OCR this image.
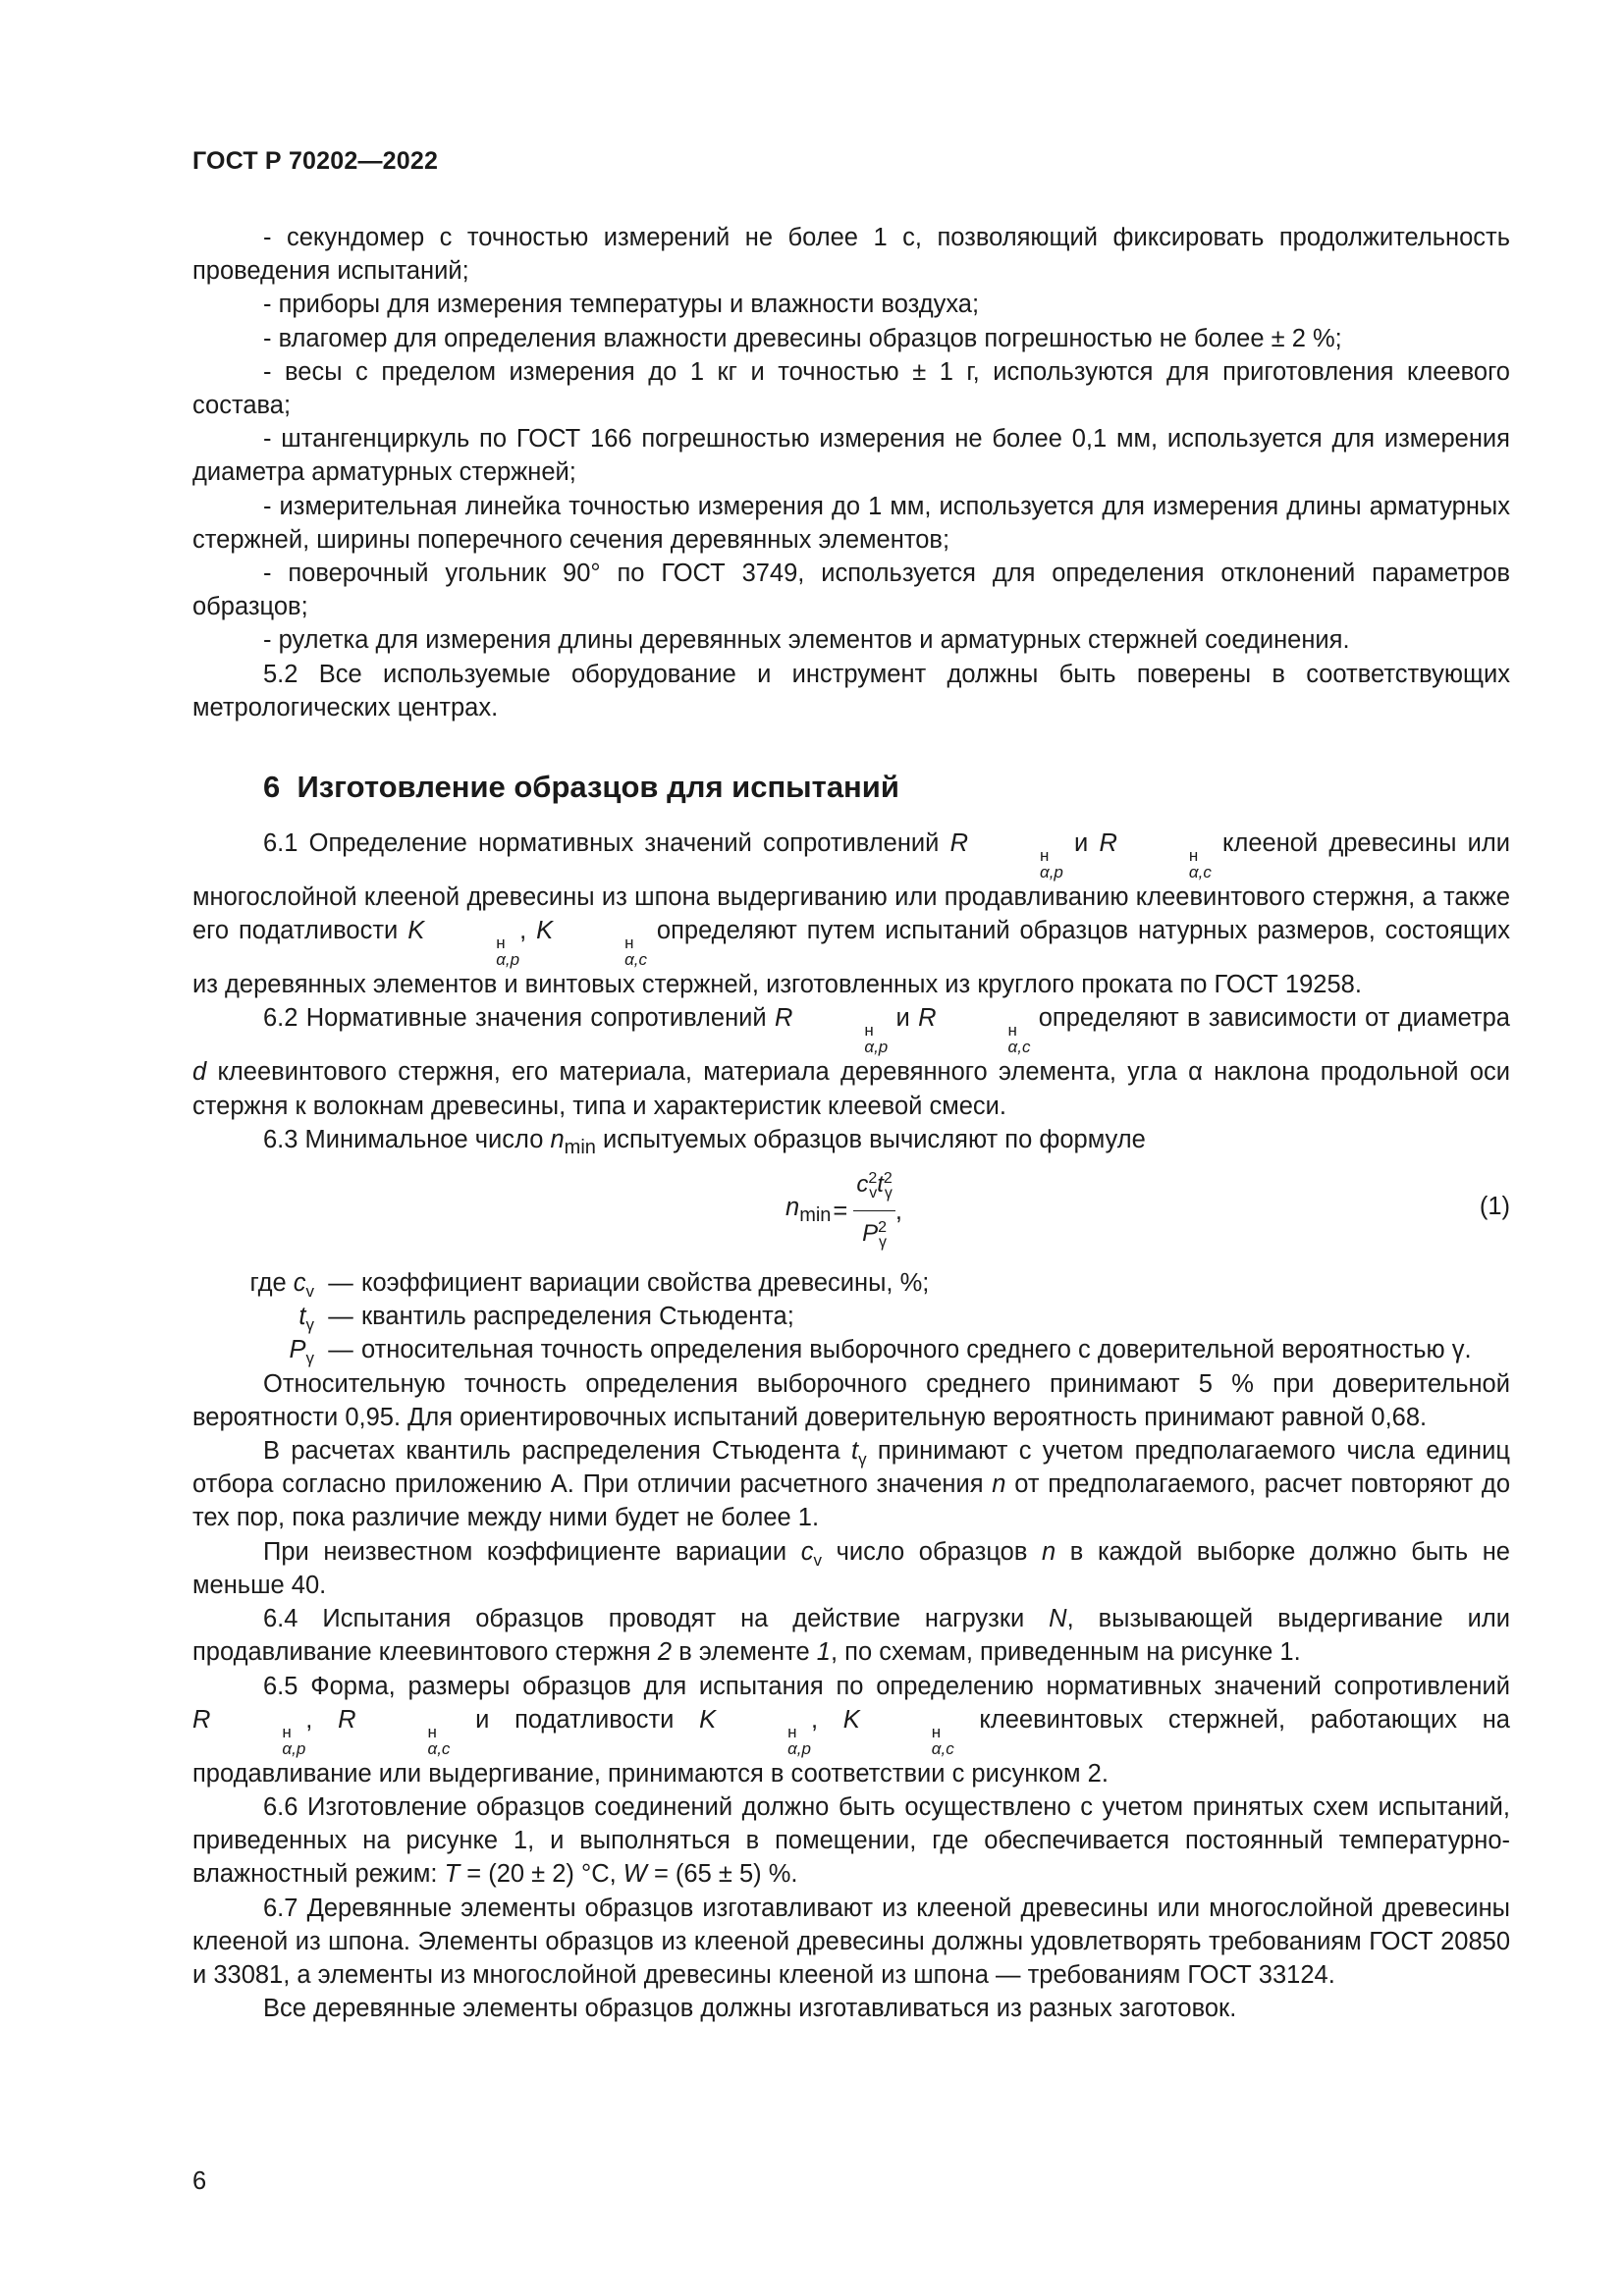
ГОСТ Р 70202—2022

- секундомер с точностью измерений не более 1 с, позволяющий фиксировать продолжительность проведения испытаний;

- приборы для измерения температуры и влажности воздуха;

- влагомер для определения влажности древесины образцов погрешностью не более ± 2 %;

- весы с пределом измерения до 1 кг и точностью ± 1 г, используются для приготовления клеевого состава;

- штангенциркуль по ГОСТ 166 погрешностью измерения не более 0,1 мм, используется для измерения диаметра арматурных стержней;

- измерительная линейка точностью измерения до 1 мм, используется для измерения длины арматурных стержней, ширины поперечного сечения деревянных элементов;

- поверочный угольник 90° по ГОСТ 3749, используется для определения отклонений параметров образцов;

- рулетка для измерения длины деревянных элементов и арматурных стержней соединения.

5.2 Все используемые оборудование и инструмент должны быть поверены в соответствующих метрологических центрах.

6 Изготовление образцов для испытаний

6.1 Определение нормативных значений сопротивлений R	н
α,p
и R	н
α,c
клееной древесины или многослойной клееной древесины из шпона выдергиванию или продавливанию клеевинтового стержня, а также его податливости K	н
α,p
, K	н
α,c
определяют путем испытаний образцов натурных размеров, состоящих из деревянных элементов и винтовых стержней, изготовленных из круглого проката по ГОСТ 19258.

6.2 Нормативные значения сопротивлений R	н
α,p
и R	н
α,c
определяют в зависимости от диаметра d клеевинтового стержня, его материала, материала деревянного элемента, угла α наклона продольной оси стержня к волокнам древесины, типа и характеристик клеевой смеси.

6.3 Минимальное число $n_{min}$ испытуемых образцов вычисляют по формуле

$n_{min} = \frac{c^2_vt^2_\gamma}{P^2_\gamma}$ ,	(1)
где $c_v$ — коэффициент вариации свойства древесины, %;
$t_\gamma$ — квантиль распределения Стьюдента;
$P_\gamma$ — относительная точность определения выборочного среднего с доверительной вероятностью γ.

Относительную точность определения выборочного среднего принимают 5 % при доверительной вероятности 0,95. Для ориентировочных испытаний доверительную вероятность принимают равной 0,68.

В расчетах квантиль распределения Стьюдента $t_\gamma$ принимают с учетом предполагаемого числа единиц отбора согласно приложению А. При отличии расчетного значения n от предполагаемого, расчет повторяют до тех пор, пока различие между ними будет не более 1.

При неизвестном коэффициенте вариации $c_v$ число образцов n в каждой выборке должно быть не меньше 40.

6.4 Испытания образцов проводят на действие нагрузки N, вызывающей выдергивание или продавливание клеевинтового стержня 2 в элементе 1, по схемам, приведенным на рисунке 1.

6.5 Форма, размеры образцов для испытания по определению нормативных значений сопротивлений R	н
α,p
, R	н
α,c
и податливости K	н
α,p
, K	н
α,c
клеевинтовых стержней, работающих на продавливание или выдергивание, принимаются в соответствии с рисунком 2.

6.6 Изготовление образцов соединений должно быть осуществлено с учетом принятых схем испытаний, приведенных на рисунке 1, и выполняться в помещении, где обеспечивается постоянный температурно-влажностный режим: T = (20 ± 2) °С, W = (65 ± 5) %.

6.7 Деревянные элементы образцов изготавливают из клееной древесины или многослойной древесины клееной из шпона. Элементы образцов из клееной древесины должны удовлетворять требованиям ГОСТ 20850 и 33081, а элементы из многослойной древесины клееной из шпона — требованиям ГОСТ 33124.

Все деревянные элементы образцов должны изготавливаться из разных заготовок.

6
